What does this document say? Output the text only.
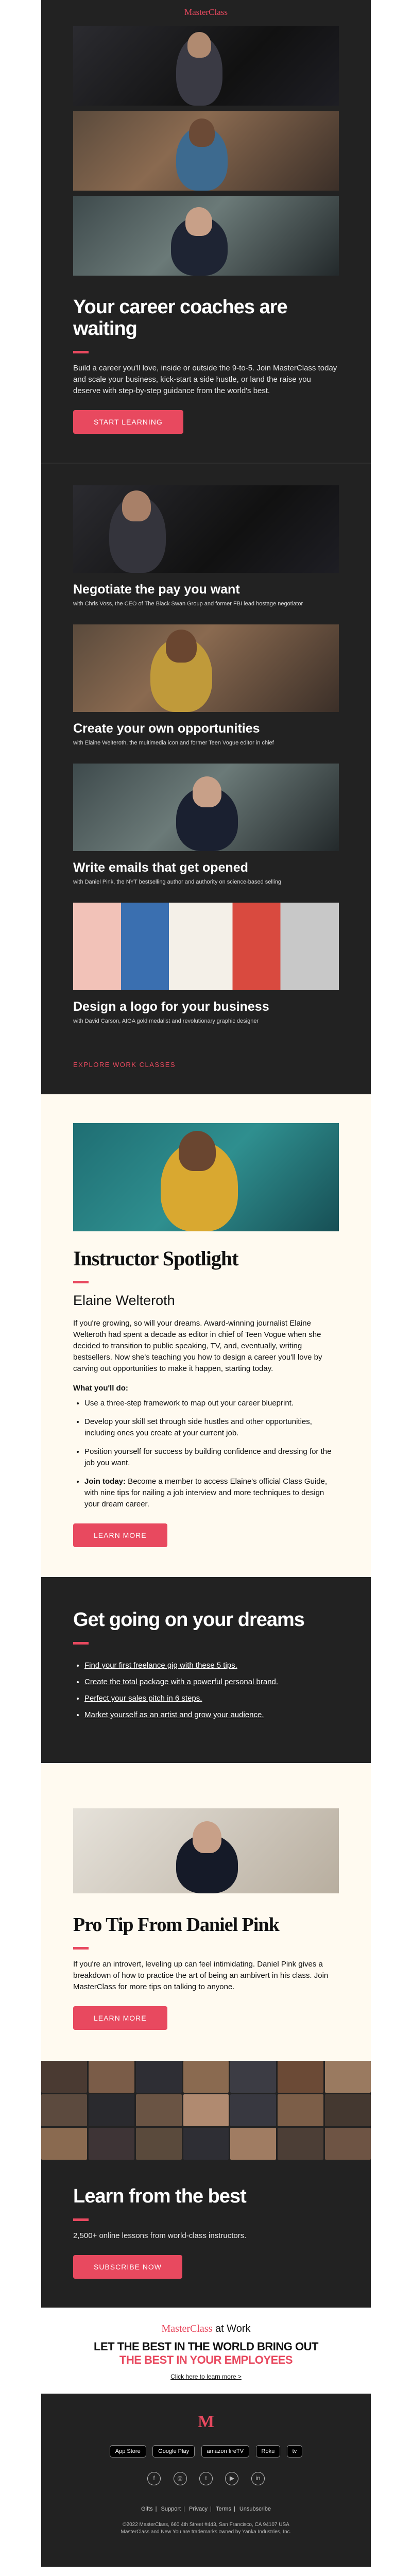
MasterClass
Your career coaches are waiting

Build a career you'll love, inside or outside the 9-to-5. Join MasterClass today and scale your business, kick-start a side hustle, or land the raise you deserve with step-by-step guidance from the world's best.

START LEARNING
Negotiate the pay you want
with Chris Voss, the CEO of The Black Swan Group and former FBI lead hostage negotiator
Create your own opportunities
with Elaine Welteroth, the multimedia icon and former Teen Vogue editor in chief
Write emails that get opened
with Daniel Pink, the NYT bestselling author and authority on science-based selling
Design a logo for your business
with David Carson, AIGA gold medalist and revolutionary graphic designer
EXPLORE WORK CLASSES
Instructor Spotlight
Elaine Welteroth

If you're growing, so will your dreams. Award-winning journalist Elaine Welteroth had spent a decade as editor in chief of Teen Vogue when she decided to transition to public speaking, TV, and, eventually, writing bestsellers. Now she's teaching you how to design a career you'll love by carving out opportunities to make it happen, starting today.

What you'll do:

• Use a three-step framework to map out your career blueprint.
• Develop your skill set through side hustles and other opportunities, including ones you create at your current job.
• Position yourself for success by building confidence and dressing for the job you want.
• Join today: Become a member to access Elaine's official Class Guide, with nine tips for nailing a job interview and more techniques to design your dream career.
LEARN MORE
Get going on your dreams
• Find your first freelance gig with these 5 tips.
• Create the total package with a powerful personal brand.
• Perfect your sales pitch in 6 steps.
• Market yourself as an artist and grow your audience.
Pro Tip From Daniel Pink

If you're an introvert, leveling up can feel intimidating. Daniel Pink gives a breakdown of how to practice the art of being an ambivert in his class. Join MasterClass for more tips on talking to anyone.

LEARN MORE
Learn from the best

2,500+ online lessons from world-class instructors.

SUBSCRIBE NOW
MasterClass at Work
LET THE BEST IN THE WORLD BRING OUT
THE BEST IN YOUR EMPLOYEES
Click here to learn more >
M
App Store	Google Play	amazon fireTV	Roku	tv
f	◎	t	▶	in
Gifts | Support | Privacy | Terms | Unsubscribe
©2022 MasterClass, 660 4th Street #443, San Francisco, CA 94107 USA
MasterClass and New You are trademarks owned by Yanka Industries, Inc.
